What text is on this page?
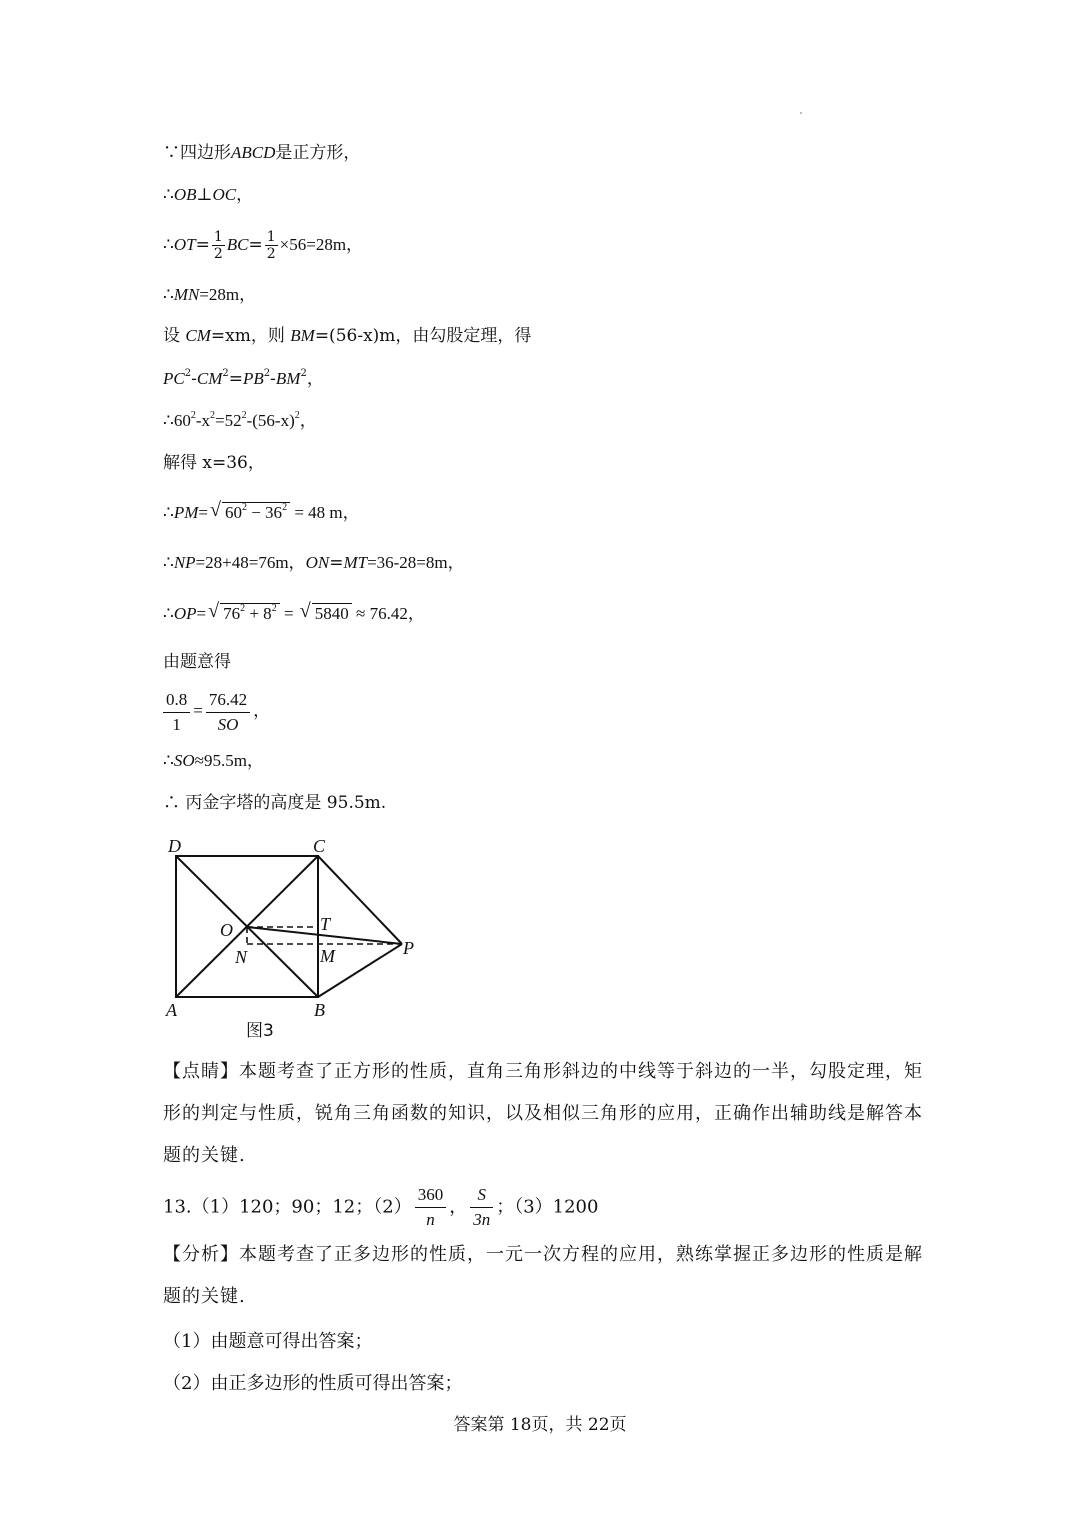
∵四边形ABCD是正方形，
∴OB⊥OC，
∴OT= $\frac{1}{2} BC= \frac{1}{2} \times 56=28m$，
∴MN=28m，
设 CM=xm，则 BM=(56-x)m，由勾股定理，得
$PC^2-CM^2=PB^2-BM^2$，
$\therefore 60^2-x^2=52^2-(56-x)^2$，
解得 x=36，
∴PM= √ $60^2 - 36^2 = 48$ m，
∴NP=28+48=76m，ON=MT=36-28=8m，
∴OP= √ $76^2 + 8^2$ = √ 5840 ≈ 76.42，
由题意得
$\frac{0.8}{1} = \frac{76.42}{SO}$ ，
∴SO≈95.5m，
∴ 丙金字塔的高度是 95.5m.
D	C
O	T
P
N	M
A	B
图3
【点睛】本题考查了正方形的性质，直角三角形斜边的中线等于斜边的一半，勾股定理，矩形的判定与性质，锐角三角函数的知识，以及相似三角形的应用，正确作出辅助线是解答本题的关键.
13.（1）120；90；12；$(2) \frac{360}{n}$ ， $\frac{S}{3n}$ ；（3）1200
【分析】本题考查了正多边形的性质，一元一次方程的应用，熟练掌握正多边形的性质是解题的关键.
（1）由题意可得出答案；
（2）由正多边形的性质可得出答案；
答案第 18页，共 22页
